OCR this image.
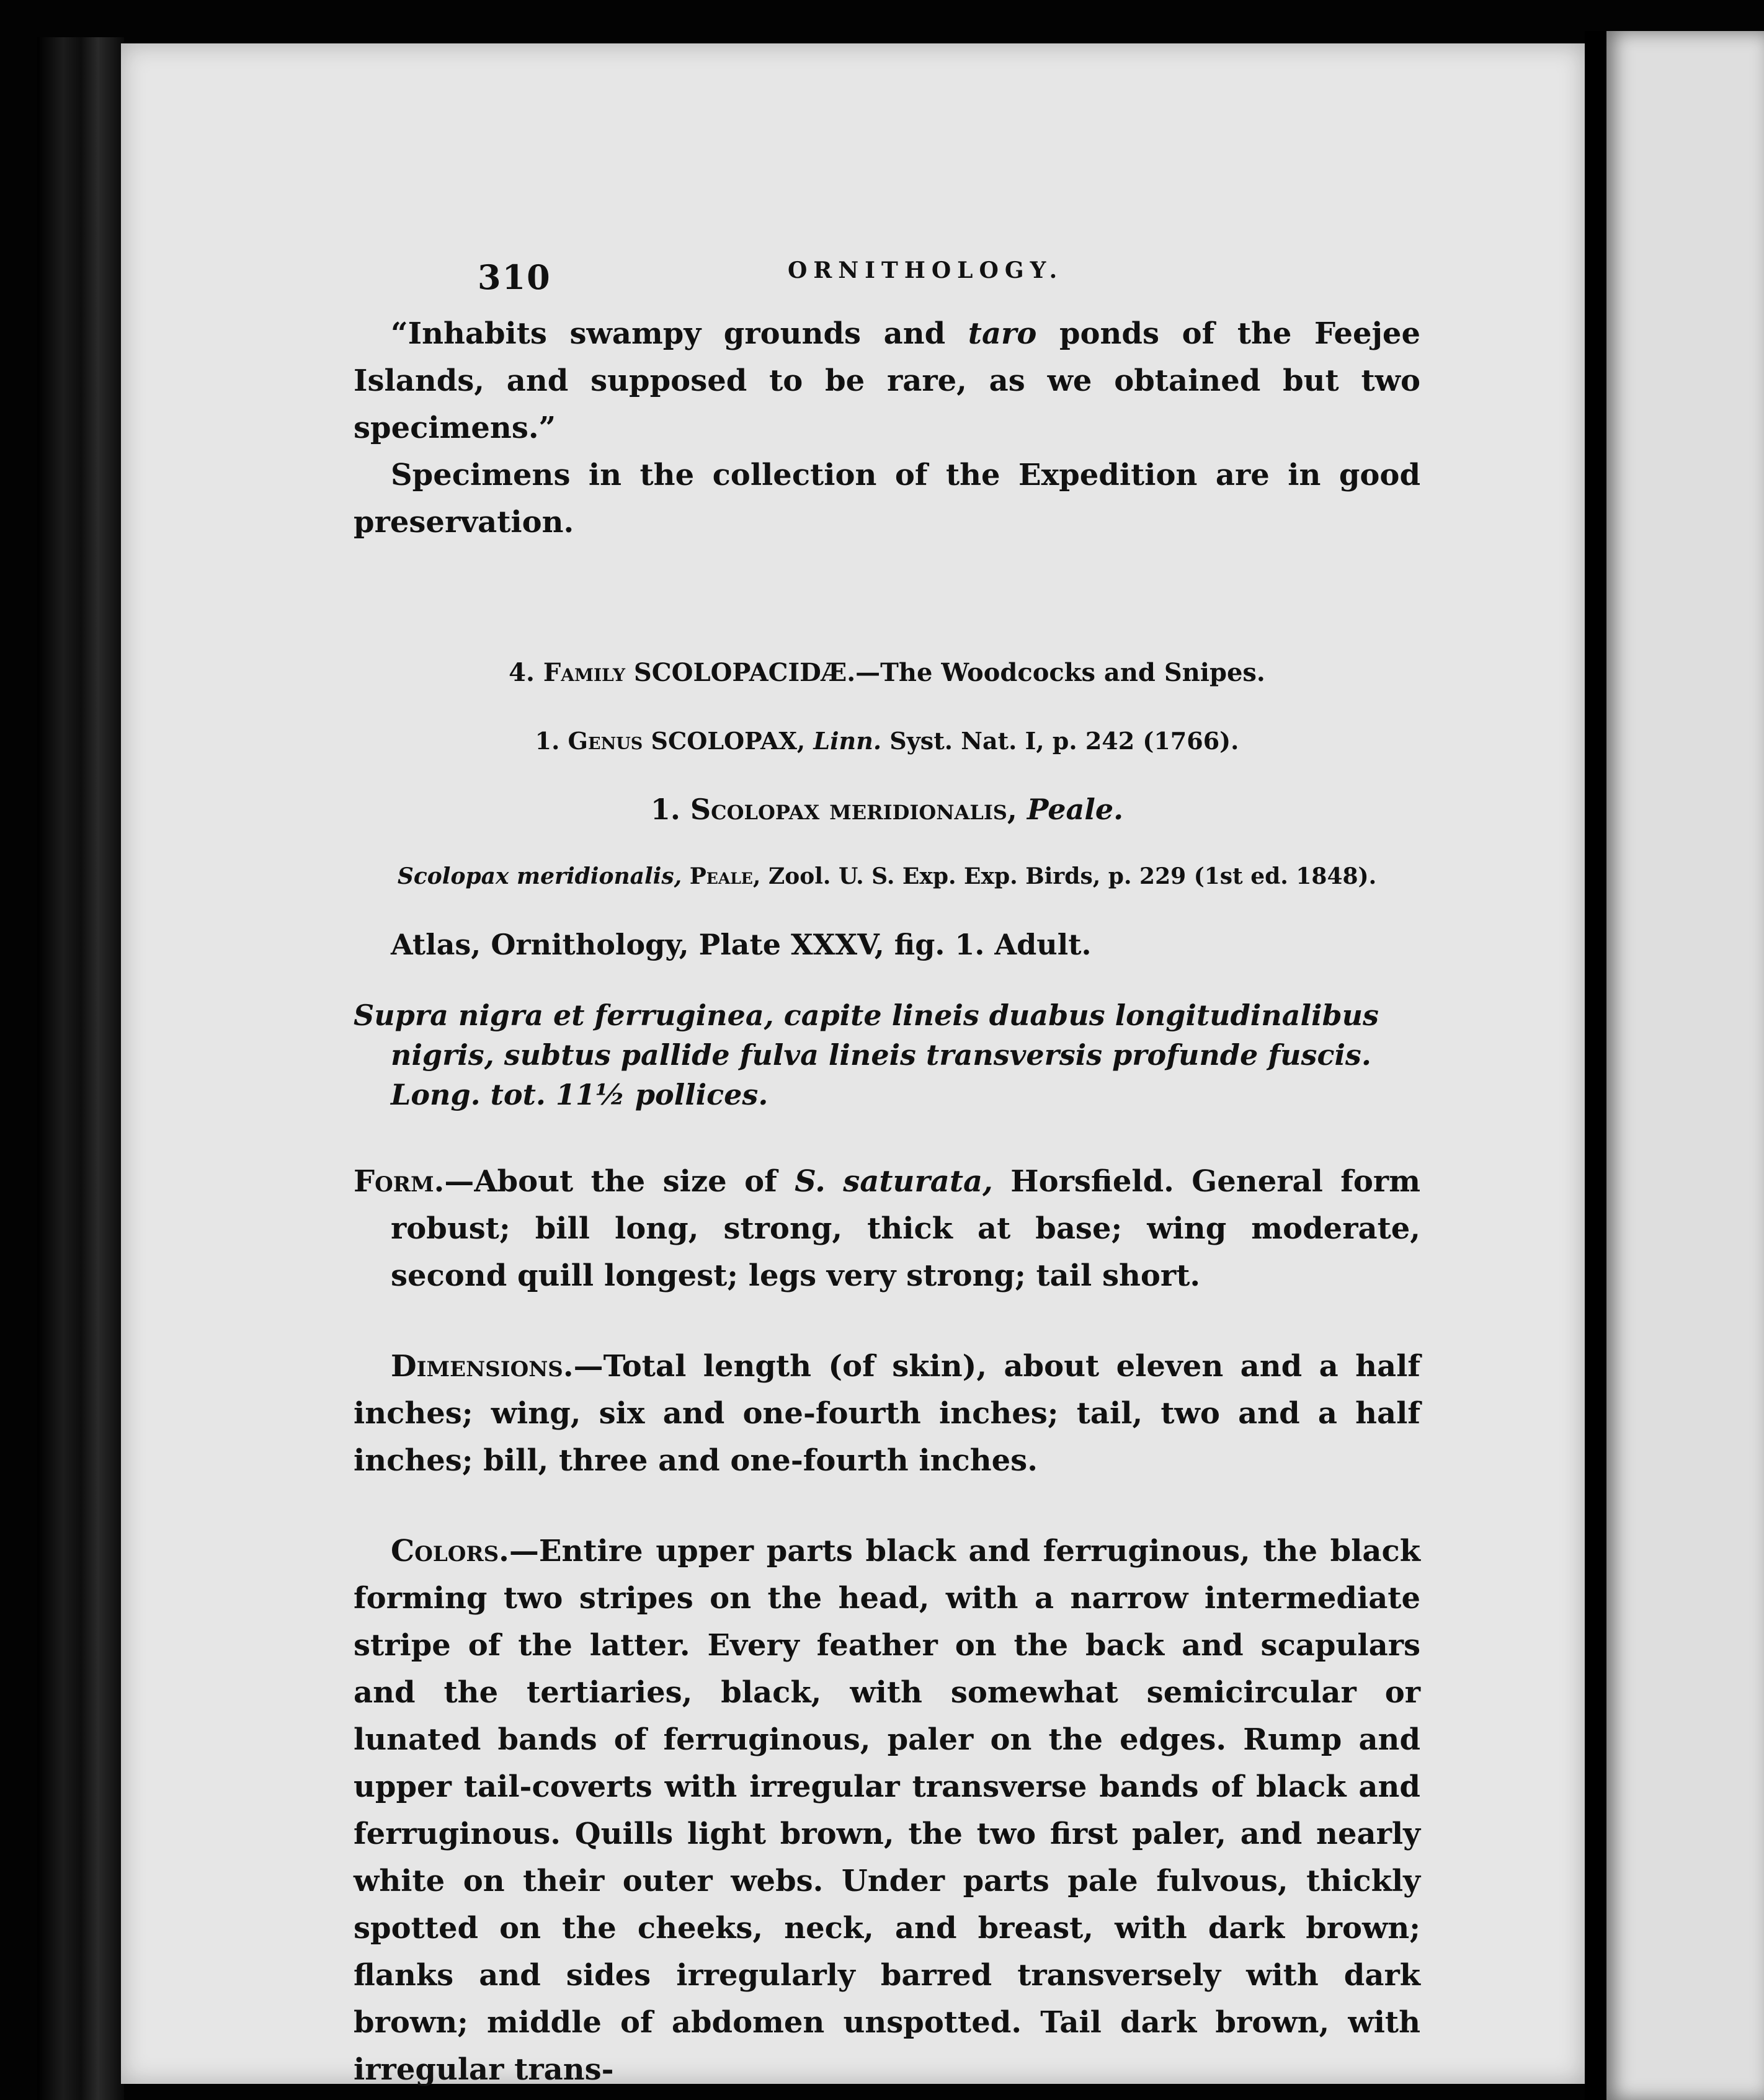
310	ORNITHOLOGY.

“Inhabits swampy grounds and taro ponds of the Feejee Islands, and supposed to be rare, as we obtained but two specimens.”

Specimens in the collection of the Expedition are in good preservation.

4. Family SCOLOPACIDÆ.—The Woodcocks and Snipes.

1. Genus SCOLOPAX, Linn. Syst. Nat. I, p. 242 (1766).

1. Scolopax meridionalis, Peale.

Scolopax meridionalis, Peale, Zool. U. S. Exp. Exp. Birds, p. 229 (1st ed. 1848).

Atlas, Ornithology, Plate XXXV, fig. 1. Adult.

Supra nigra et ferruginea, capite lineis duabus longitudinalibus nigris, subtus pallide fulva lineis transversis profunde fuscis. Long. tot. 11½ pollices.

Form.—About the size of S. saturata, Horsfield. General form robust; bill long, strong, thick at base; wing moderate, second quill longest; legs very strong; tail short.

Dimensions.—Total length (of skin), about eleven and a half inches; wing, six and one-fourth inches; tail, two and a half inches; bill, three and one-fourth inches.

Colors.—Entire upper parts black and ferruginous, the black forming two stripes on the head, with a narrow intermediate stripe of the latter. Every feather on the back and scapulars and the tertiaries, black, with somewhat semicircular or lunated bands of ferruginous, paler on the edges. Rump and upper tail-coverts with irregular transverse bands of black and ferruginous. Quills light brown, the two first paler, and nearly white on their outer webs. Under parts pale fulvous, thickly spotted on the cheeks, neck, and breast, with dark brown; flanks and sides irregularly barred transversely with dark brown; middle of abdomen unspotted. Tail dark brown, with irregular trans-
